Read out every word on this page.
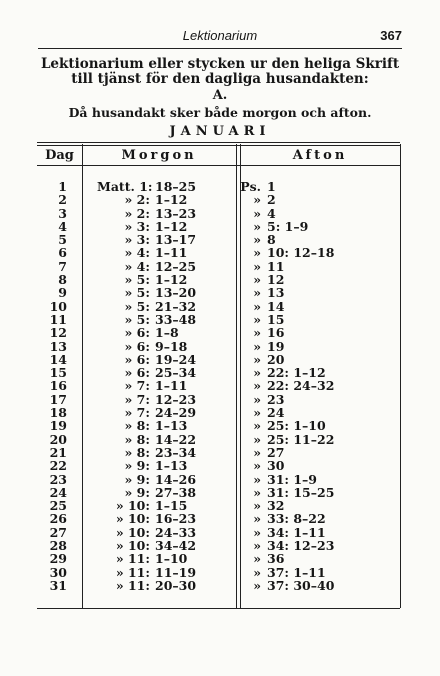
Lektionarium	367
Lektionarium eller stycken ur den heliga Skrift
till tjänst för den dagliga husandakten:
A.
Då husandakt sker både morgon och afton.
JANUARI
Dag	Morgon	Afton
1 Matt. 1: 18–25	Ps. 1
2	» 2: 1–12	» 2
3	» 2: 13–23	» 4
4	» 3: 1–12	» 5: 1–9
5	» 3: 13–17	» 8
6	» 4: 1–11	» 10: 12–18
7	» 4: 12–25	» 11
8	» 5: 1–12	» 12
9	» 5: 13–20	» 13
10	» 5: 21–32	» 14
11	» 5: 33–48	» 15
12	» 6: 1–8	» 16
13	» 6: 9–18	» 19
14	» 6: 19–24	» 20
15	» 6: 25–34	» 22: 1–12
16	» 7: 1–11	» 22: 24–32
17	» 7: 12–23	» 23
18	» 7: 24–29	» 24
19	» 8: 1–13	» 25: 1–10
20	» 8: 14–22	» 25: 11–22
21	» 8: 23–34	» 27
22	» 9: 1–13	» 30
23	» 9: 14–26	» 31: 1–9
24	» 9: 27–38	» 31: 15–25
25	» 10: 1–15	» 32
26	» 10: 16–23	» 33: 8–22
27	» 10: 24–33	» 34: 1–11
28	» 10: 34–42	» 34: 12–23
29	» 11: 1–10	» 36
30	» 11: 11–19	» 37: 1–11
31	» 11: 20–30	» 37: 30–40
